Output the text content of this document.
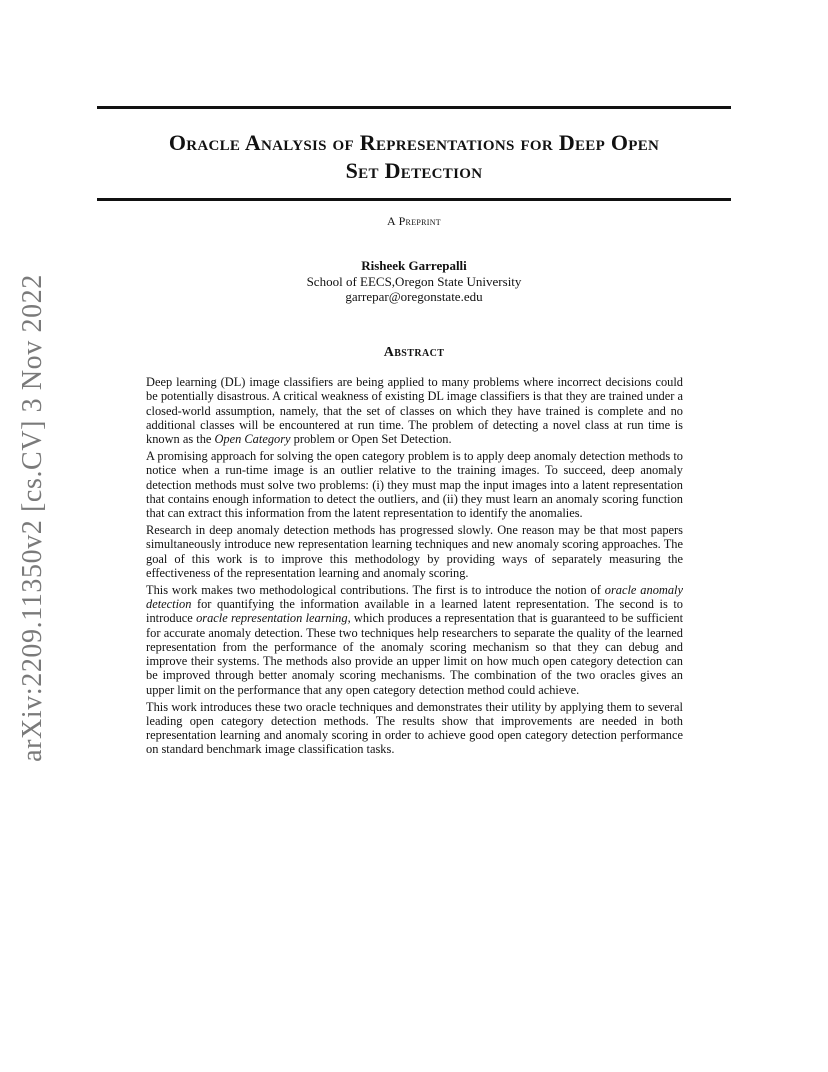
Oracle Analysis of Representations for Deep Open
Set Detection
A Preprint
Risheek Garrepalli
School of EECS,Oregon State University
garrepar@oregonstate.edu
Abstract

Deep learning (DL) image classifiers are being applied to many problems where incorrect decisions could be potentially disastrous. A critical weakness of existing DL image classifiers is that they are trained under a closed-world assumption, namely, that the set of classes on which they have trained is complete and no additional classes will be encountered at run time. The problem of detecting a novel class at run time is known as the Open Category problem or Open Set Detection.

A promising approach for solving the open category problem is to apply deep anomaly detection methods to notice when a run-time image is an outlier relative to the training images. To succeed, deep anomaly detection methods must solve two problems: (i) they must map the input images into a latent representation that contains enough information to detect the outliers, and (ii) they must learn an anomaly scoring function that can extract this information from the latent representation to identify the anomalies.

Research in deep anomaly detection methods has progressed slowly. One reason may be that most papers simultaneously introduce new representation learning techniques and new anomaly scoring approaches. The goal of this work is to improve this methodology by providing ways of separately measuring the effectiveness of the representation learning and anomaly scoring.

This work makes two methodological contributions. The first is to introduce the notion of oracle anomaly detection for quantifying the information available in a learned latent representation. The second is to introduce oracle representation learning, which produces a representation that is guaranteed to be sufficient for accurate anomaly detection. These two techniques help researchers to separate the quality of the learned representation from the performance of the anomaly scoring mechanism so that they can debug and improve their systems. The methods also provide an upper limit on how much open category detection can be improved through better anomaly scoring mechanisms. The combination of the two oracles gives an upper limit on the performance that any open category detection method could achieve.

This work introduces these two oracle techniques and demonstrates their utility by applying them to several leading open category detection methods. The results show that improvements are needed in both representation learning and anomaly scoring in order to achieve good open category detection performance on standard benchmark image classification tasks.

arXiv:2209.11350v2 [cs.CV] 3 Nov 2022
